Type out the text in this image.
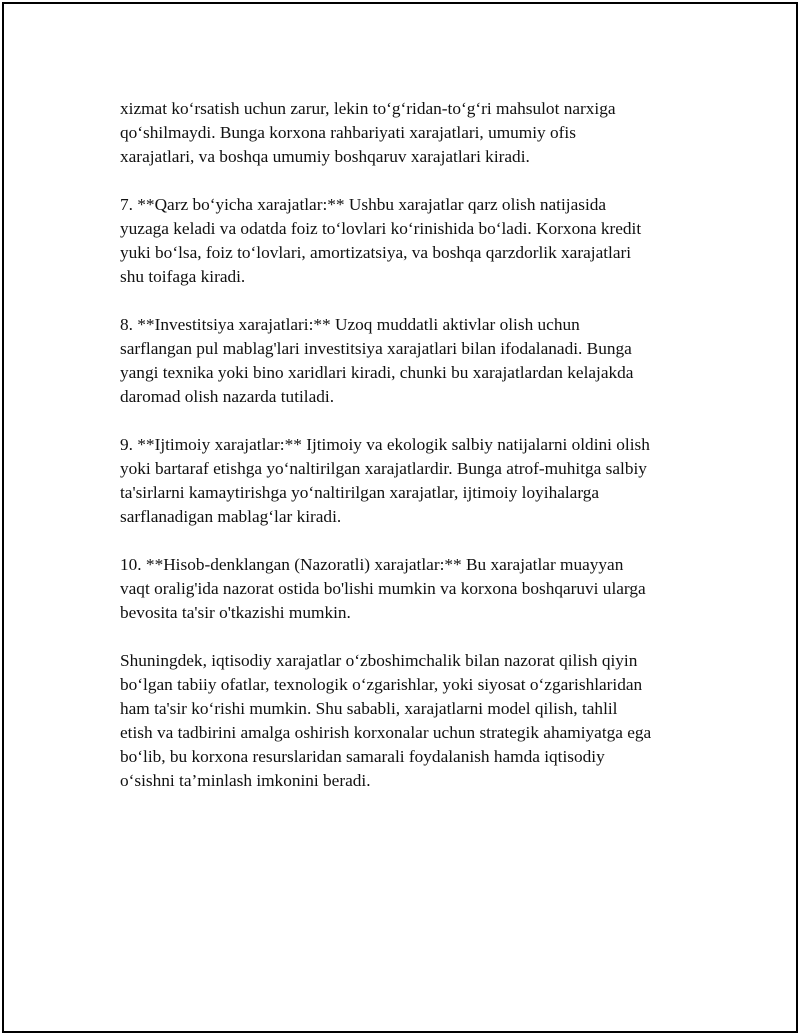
xizmat ko‘rsatish uchun zarur, lekin to‘g‘ridan-to‘g‘ri mahsulot narxiga
qo‘shilmaydi. Bunga korxona rahbariyati xarajatlari, umumiy ofis
xarajatlari, va boshqa umumiy boshqaruv xarajatlari kiradi.

7. **Qarz bo‘yicha xarajatlar:** Ushbu xarajatlar qarz olish natijasida
yuzaga keladi va odatda foiz to‘lovlari ko‘rinishida bo‘ladi. Korxona kredit
yuki bo‘lsa, foiz to‘lovlari, amortizatsiya, va boshqa qarzdorlik xarajatlari
shu toifaga kiradi.

8. **Investitsiya xarajatlari:** Uzoq muddatli aktivlar olish uchun
sarflangan pul mablag'lari investitsiya xarajatlari bilan ifodalanadi. Bunga
yangi texnika yoki bino xaridlari kiradi, chunki bu xarajatlardan kelajakda
daromad olish nazarda tutiladi.

9. **Ijtimoiy xarajatlar:** Ijtimoiy va ekologik salbiy natijalarni oldini olish
yoki bartaraf etishga yo‘naltirilgan xarajatlardir. Bunga atrof-muhitga salbiy
ta'sirlarni kamaytirishga yo‘naltirilgan xarajatlar, ijtimoiy loyihalarga
sarflanadigan mablag‘lar kiradi.

10. **Hisob-denklangan (Nazoratli) xarajatlar:** Bu xarajatlar muayyan
vaqt oralig'ida nazorat ostida bo'lishi mumkin va korxona boshqaruvi ularga
bevosita ta'sir o'tkazishi mumkin.

Shuningdek, iqtisodiy xarajatlar o‘zboshimchalik bilan nazorat qilish qiyin
bo‘lgan tabiiy ofatlar, texnologik o‘zgarishlar, yoki siyosat o‘zgarishlaridan
ham ta'sir ko‘rishi mumkin. Shu sababli, xarajatlarni model qilish, tahlil
etish va tadbirini amalga oshirish korxonalar uchun strategik ahamiyatga ega
bo‘lib, bu korxona resurslaridan samarali foydalanish hamda iqtisodiy
o‘sishni ta’minlash imkonini beradi.
